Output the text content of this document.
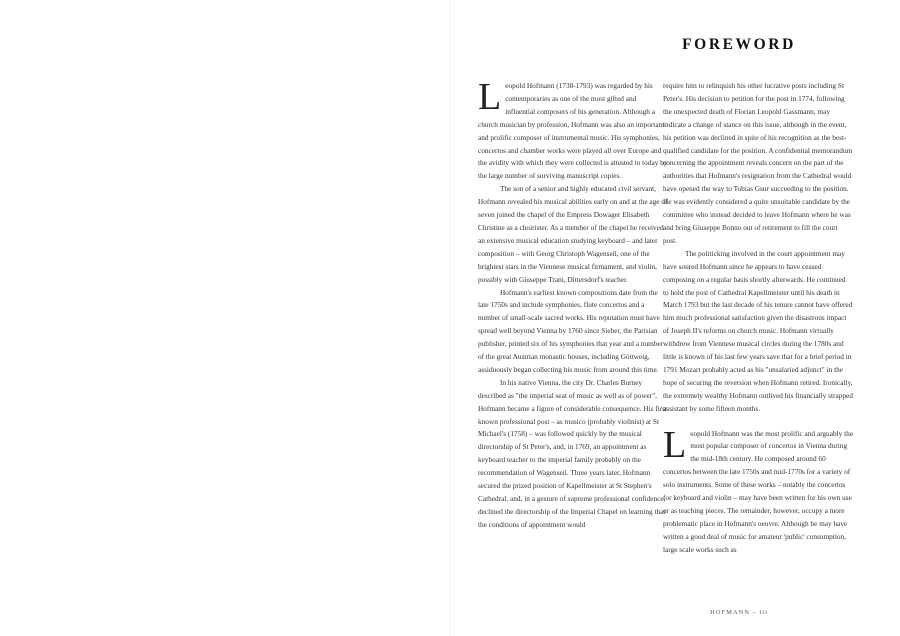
FOREWORD

Leopold Hofmann (1738-1793) was regarded by his contemporaries as one of the most gifted and influential composers of his generation. Although a church musician by profession, Hofmann was also an important and prolific composer of instrumental music. His symphonies, concertos and chamber works were played all over Europe and the avidity with which they were collected is attested to today by the large number of surviving manuscript copies.

The son of a senior and highly educated civil servant, Hofmann revealed his musical abilities early on and at the age of seven joined the chapel of the Empress Dowager Elisabeth Christine as a choirister. As a member of the chapel he received an extensive musical education studying keyboard – and later composition – with Georg Christoph Wagenseil, one of the brightest stars in the Viennese musical firmament, and violin, possibly with Giuseppe Trani, Dittersdorf's teacher.

Hofmann's earliest known compositions date from the late 1750s and include symphonies, flute concertos and a number of small-scale sacred works. His reputation must have spread well beyond Vienna by 1760 since Sieber, the Parisian publisher, printed six of his symphonies that year and a number of the great Austrian monastic houses, including Göttweig, assiduously began collecting his music from around this time.

In his native Vienna, the city Dr. Charles Burney described as "the imperial seat of music as well as of power", Hofmann became a figure of considerable consequence. His first known professional post – as musico (probably violinist) at St Michael's (1758) – was followed quickly by the musical directorship of St Peter's, and, in 1769, an appointment as keyboard teacher to the imperial family probably on the recommendation of Wagenseil. Three years later, Hofmann secured the prized position of Kapellmeister at St Stephen's Cathedral, and, in a gesture of supreme professional confidence, declined the directorship of the Imperial Chapel on learning that the conditions of appointment would

require him to relinquish his other lucrative posts including St Peter's. His decision to petition for the post in 1774, following the unexpected death of Florian Leopold Gassmann, may indicate a change of stance on this issue, although in the event, his petition was declined in spite of his recognition as the best-qualified candidate for the position. A confidential memorandum concerning the appointment reveals concern on the part of the authorities that Hofmann's resignation from the Cathedral would have opened the way to Tobias Gsur succeeding to the position. He was evidently considered a quite unsuitable candidate by the committee who instead decided to leave Hofmann where he was and bring Giuseppe Bonno out of retirement to fill the court post.

The politicking involved in the court appointment may have soured Hofmann since he appears to have ceased composing on a regular basis shortly afterwards. He continued to hold the post of Cathedral Kapellmeister until his death in March 1793 but the last decade of his tenure cannot have offered him much professional satisfaction given the disastrous impact of Joseph II's reforms on church music. Hofmann virtually withdrew from Viennese musical circles during the 1780s and little is known of his last few years save that for a brief period in 1791 Mozart probably acted as his "unsalaried adjunct" in the hope of securing the reversion when Hofmann retired. Ironically, the extremely wealthy Hofmann outlived his financially strapped assistant by some fifteen months.

Leopold Hofmann was the most prolific and arguably the most popular composer of concertos in Vienna during the mid-18th century. He composed around 60 concertos between the late 1750s and mid-1770s for a variety of solo instruments. Some of these works – notably the concertos for keyboard and violin – may have been written for his own use or as teaching pieces. The remainder, however, occupy a more problematic place in Hofmann's oeuvre. Although he may have written a good deal of music for amateur 'public' consumption, large scale works such as

HOFMANN – iii
